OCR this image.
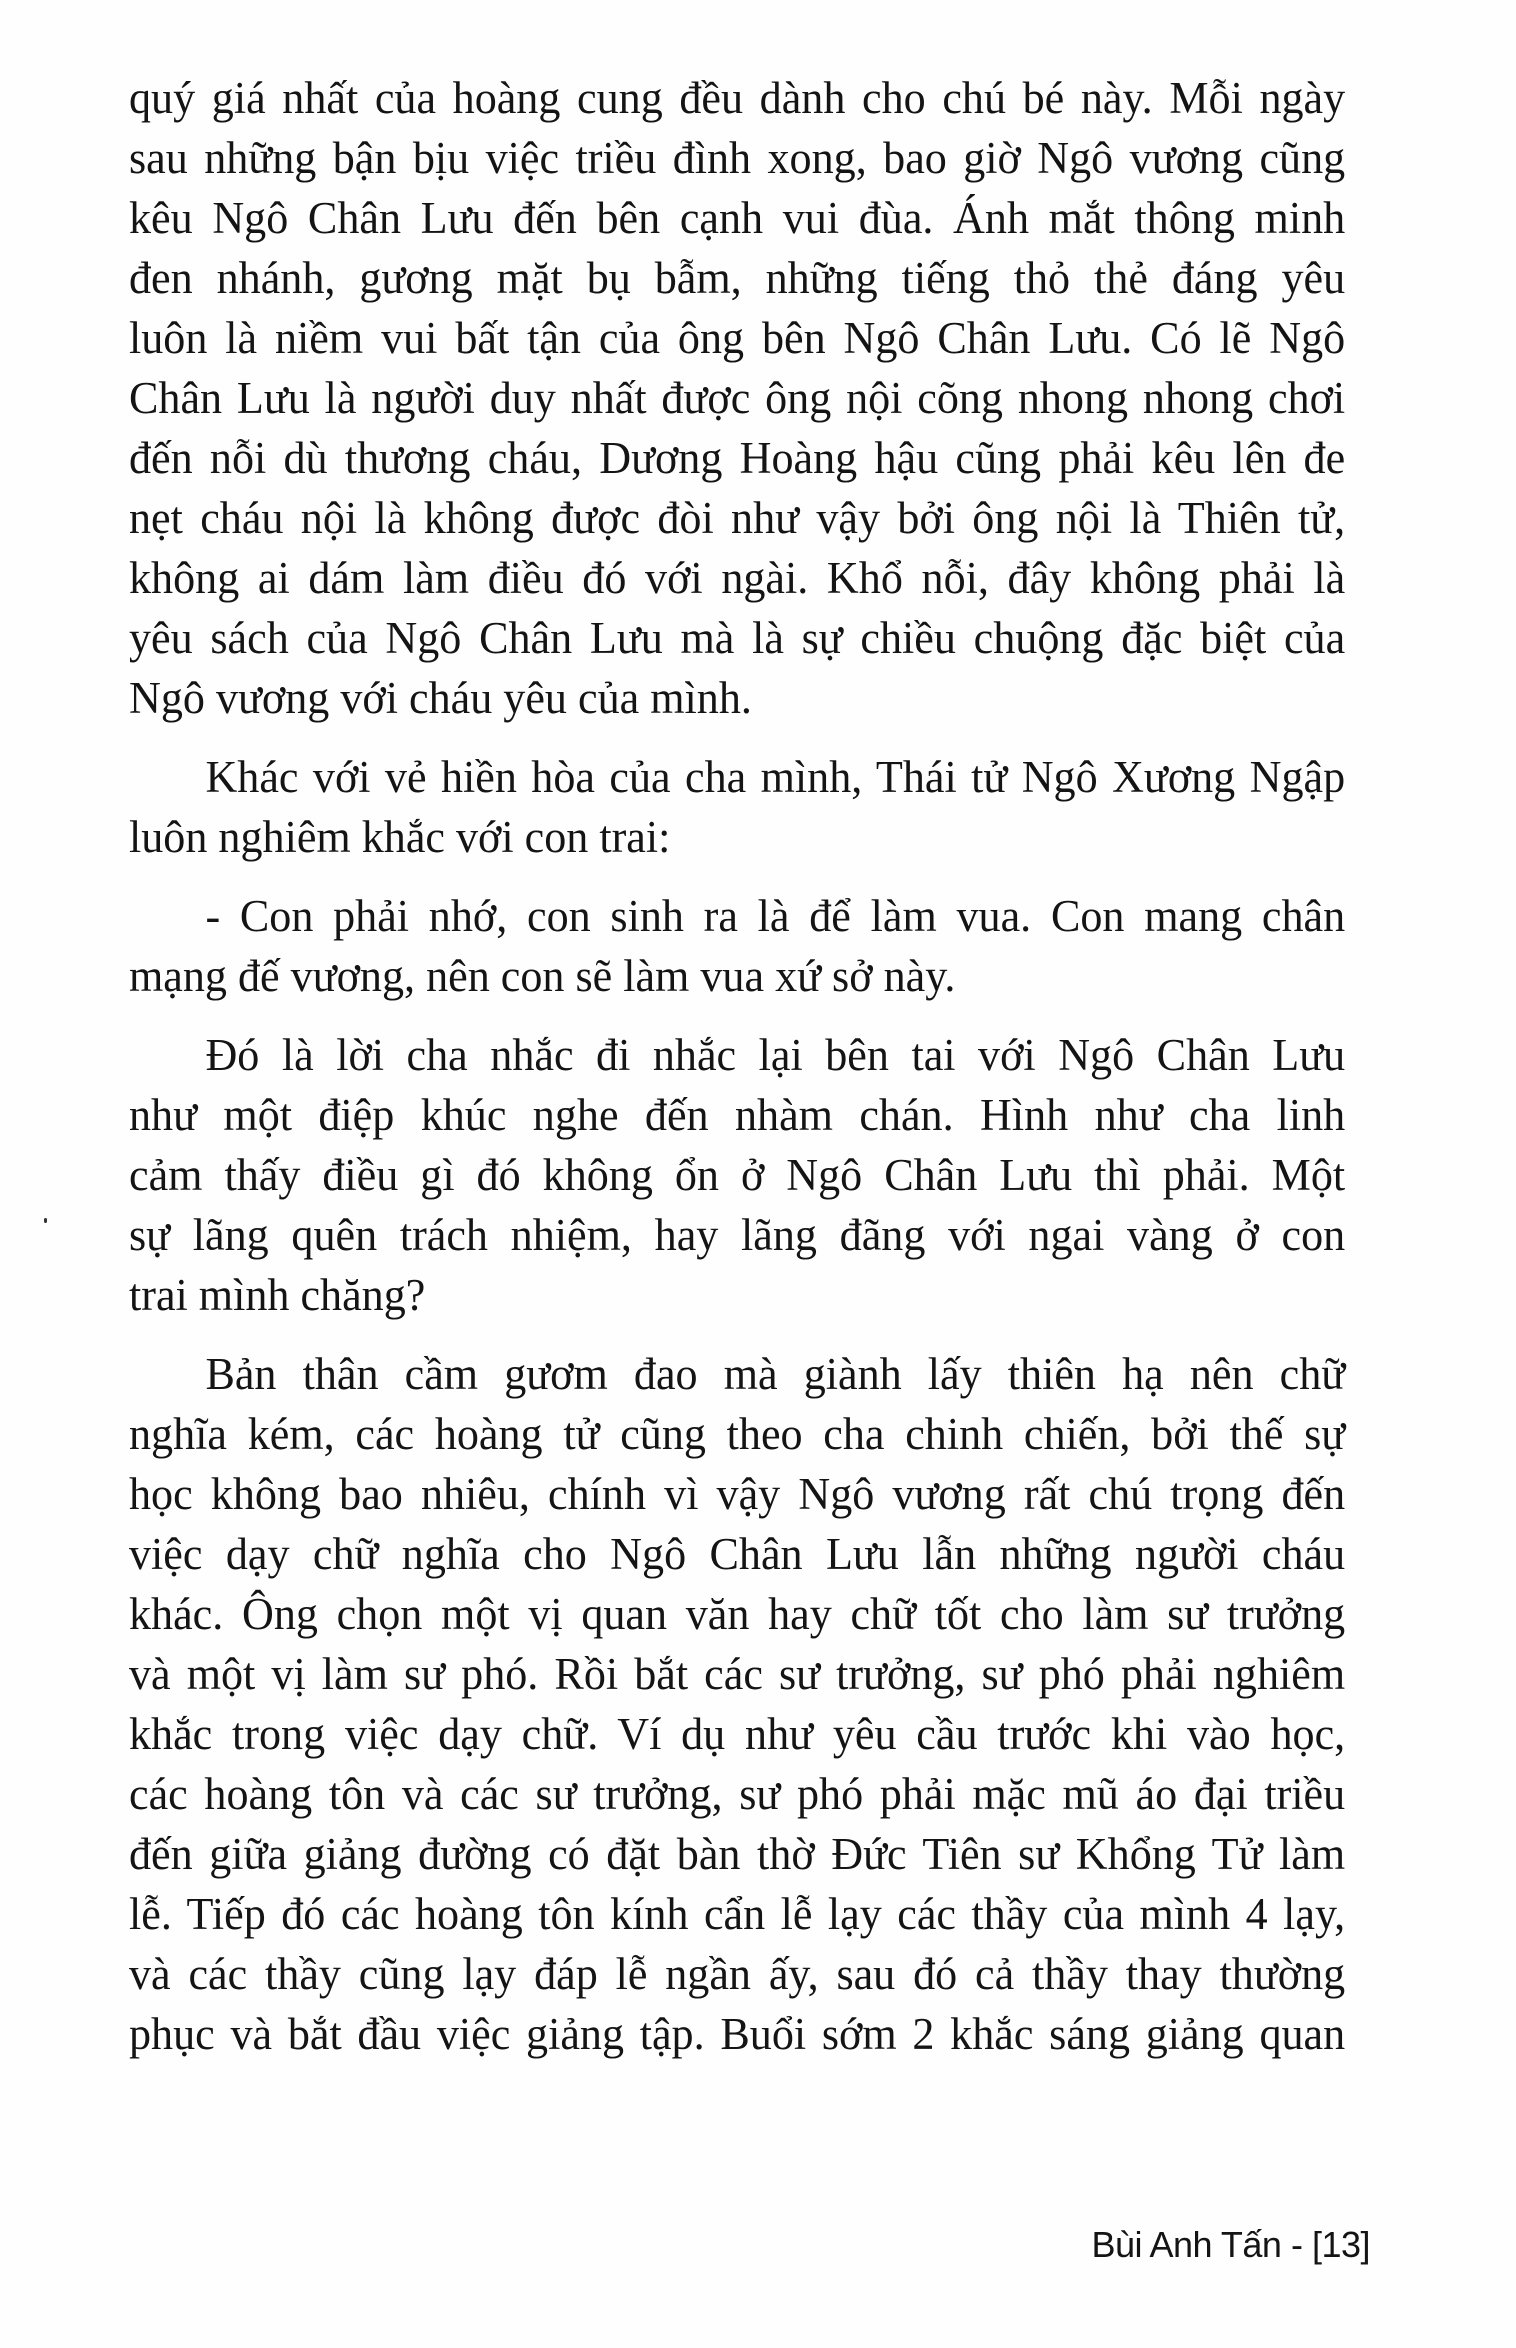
quý giá nhất của hoàng cung đều dành cho chú bé này. Mỗi ngày
sau những bận bịu việc triều đình xong, bao giờ Ngô vương cũng
kêu Ngô Chân Lưu đến bên cạnh vui đùa. Ánh mắt thông minh
đen nhánh, gương mặt bụ bẫm, những tiếng thỏ thẻ đáng yêu
luôn là niềm vui bất tận của ông bên Ngô Chân Lưu. Có lẽ Ngô
Chân Lưu là người duy nhất được ông nội cõng nhong nhong chơi
đến nỗi dù thương cháu, Dương Hoàng hậu cũng phải kêu lên đe
nẹt cháu nội là không được đòi như vậy bởi ông nội là Thiên tử,
không ai dám làm điều đó với ngài. Khổ nỗi, đây không phải là
yêu sách của Ngô Chân Lưu mà là sự chiều chuộng đặc biệt của
Ngô vương với cháu yêu của mình.
Khác với vẻ hiền hòa của cha mình, Thái tử Ngô Xương Ngập
luôn nghiêm khắc với con trai:
- Con phải nhớ, con sinh ra là để làm vua. Con mang chân
mạng đế vương, nên con sẽ làm vua xứ sở này.
Đó là lời cha nhắc đi nhắc lại bên tai với Ngô Chân Lưu
như một điệp khúc nghe đến nhàm chán. Hình như cha linh
cảm thấy điều gì đó không ổn ở Ngô Chân Lưu thì phải. Một
sự lãng quên trách nhiệm, hay lãng đãng với ngai vàng ở con
trai mình chăng?
Bản thân cầm gươm đao mà giành lấy thiên hạ nên chữ
nghĩa kém, các hoàng tử cũng theo cha chinh chiến, bởi thế sự
học không bao nhiêu, chính vì vậy Ngô vương rất chú trọng đến
việc dạy chữ nghĩa cho Ngô Chân Lưu lẫn những người cháu
khác. Ông chọn một vị quan văn hay chữ tốt cho làm sư trưởng
và một vị làm sư phó. Rồi bắt các sư trưởng, sư phó phải nghiêm
khắc trong việc dạy chữ. Ví dụ như yêu cầu trước khi vào học,
các hoàng tôn và các sư trưởng, sư phó phải mặc mũ áo đại triều
đến giữa giảng đường có đặt bàn thờ Đức Tiên sư Khổng Tử làm
lễ. Tiếp đó các hoàng tôn kính cẩn lễ lạy các thầy của mình 4 lạy,
và các thầy cũng lạy đáp lễ ngần ấy, sau đó cả thầy thay thường
phục và bắt đầu việc giảng tập. Buổi sớm 2 khắc sáng giảng quan
Bùi Anh Tấn - [13]
